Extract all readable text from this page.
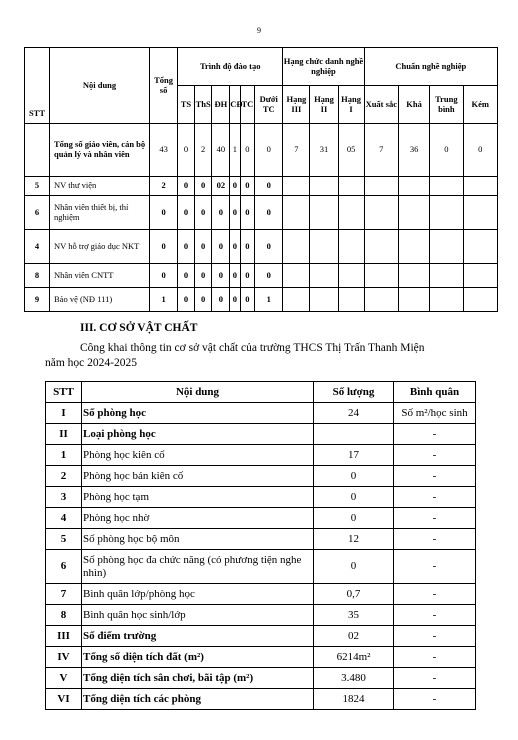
9
STT	Nội dung	Tổng số	Trình độ đào tạo						Hạng chức danh nghề nghiệp			Chuẩn nghề nghiệp			
			TS	ThS	ĐH	CĐ	TC	Dưới TC	Hạng III	Hạng II	Hạng I	Xuất sắc	Khá	Trung bình	Kém
	Tổng số giáo viên, cán bộ quản lý và nhân viên	43	0	2	40	1	0	0	7	31	05	7	36	0	0
5	NV thư viện	2	0	0	02	0	0	0							
6	Nhân viên thiết bị, thí nghiệm	0	0	0	0	0	0	0							
4	NV hỗ trợ giáo dục NKT	0	0	0	0	0	0	0							
8	Nhân viên CNTT	0	0	0	0	0	0	0							
9	Bảo vệ (NĐ 111)	1	0	0	0	0	0	1							
III. CƠ SỞ VẬT CHẤT
Công khai thông tin cơ sở vật chất của trường THCS Thị Trấn Thanh Miện
năm học 2024-2025
STT	Nội dung	Số lượng	Bình quân
I	Số phòng học	24	Số m²/học sinh
II	Loại phòng học		-
1	Phòng học kiên cố	17	-
2	Phòng học bán kiên cố	0	-
3	Phòng học tạm	0	-
4	Phòng học nhờ	0	-
5	Số phòng học bộ môn	12	-
6	Số phòng học đa chức năng (có phương tiện nghe nhìn)	0	-
7	Bình quân lớp/phòng học	0,7	-
8	Bình quân học sinh/lớp	35	-
III	Số điểm trường	02	-
IV	Tổng số diện tích đất (m²)	6214m²	-
V	Tổng diện tích sân chơi, bãi tập (m²)	3.480	-
VI	Tổng diện tích các phòng	1824	-
